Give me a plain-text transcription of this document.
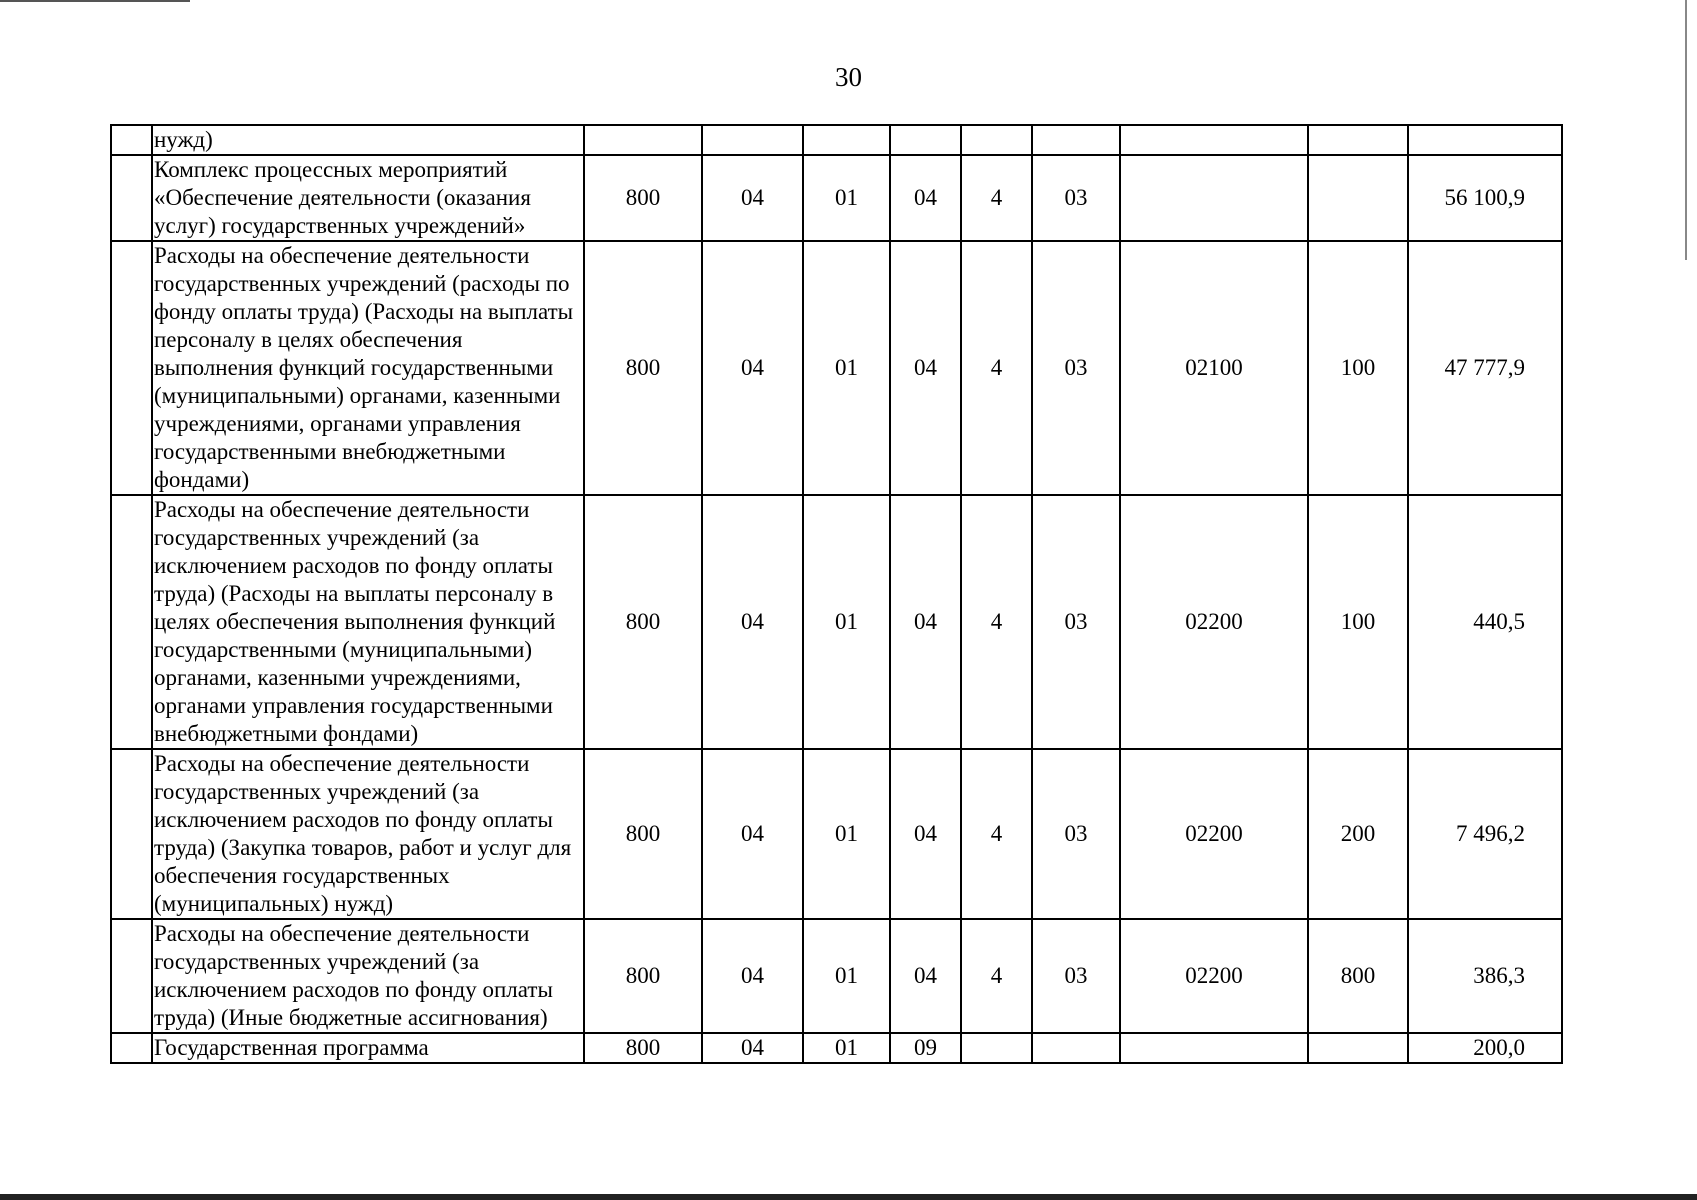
30
	нужд)									
	Комплекс процессных мероприятий «Обеспечение деятельности (оказания услуг) государственных учреждений»	800	04	01	04	4	03			56 100,9
	Расходы на обеспечение деятельности государственных учреждений (расходы по фонду оплаты труда) (Расходы на выплаты персоналу в целях обеспечения выполнения функций государственными (муниципальными) органами, казенными учреждениями, органами управления государственными внебюджетными фондами)	800	04	01	04	4	03	02100	100	47 777,9
	Расходы на обеспечение деятельности государственных учреждений (за исключением расходов по фонду оплаты труда) (Расходы на выплаты персоналу в целях обеспечения выполнения функций государственными (муниципальными) органами, казенными учреждениями, органами управления государственными внебюджетными фондами)	800	04	01	04	4	03	02200	100	440,5
	Расходы на обеспечение деятельности государственных учреждений (за исключением расходов по фонду оплаты труда) (Закупка товаров, работ и услуг для обеспечения государственных (муниципальных) нужд)	800	04	01	04	4	03	02200	200	7 496,2
	Расходы на обеспечение деятельности государственных учреждений (за исключением расходов по фонду оплаты труда) (Иные бюджетные ассигнования)	800	04	01	04	4	03	02200	800	386,3
	Государственная программа	800	04	01	09					200,0
